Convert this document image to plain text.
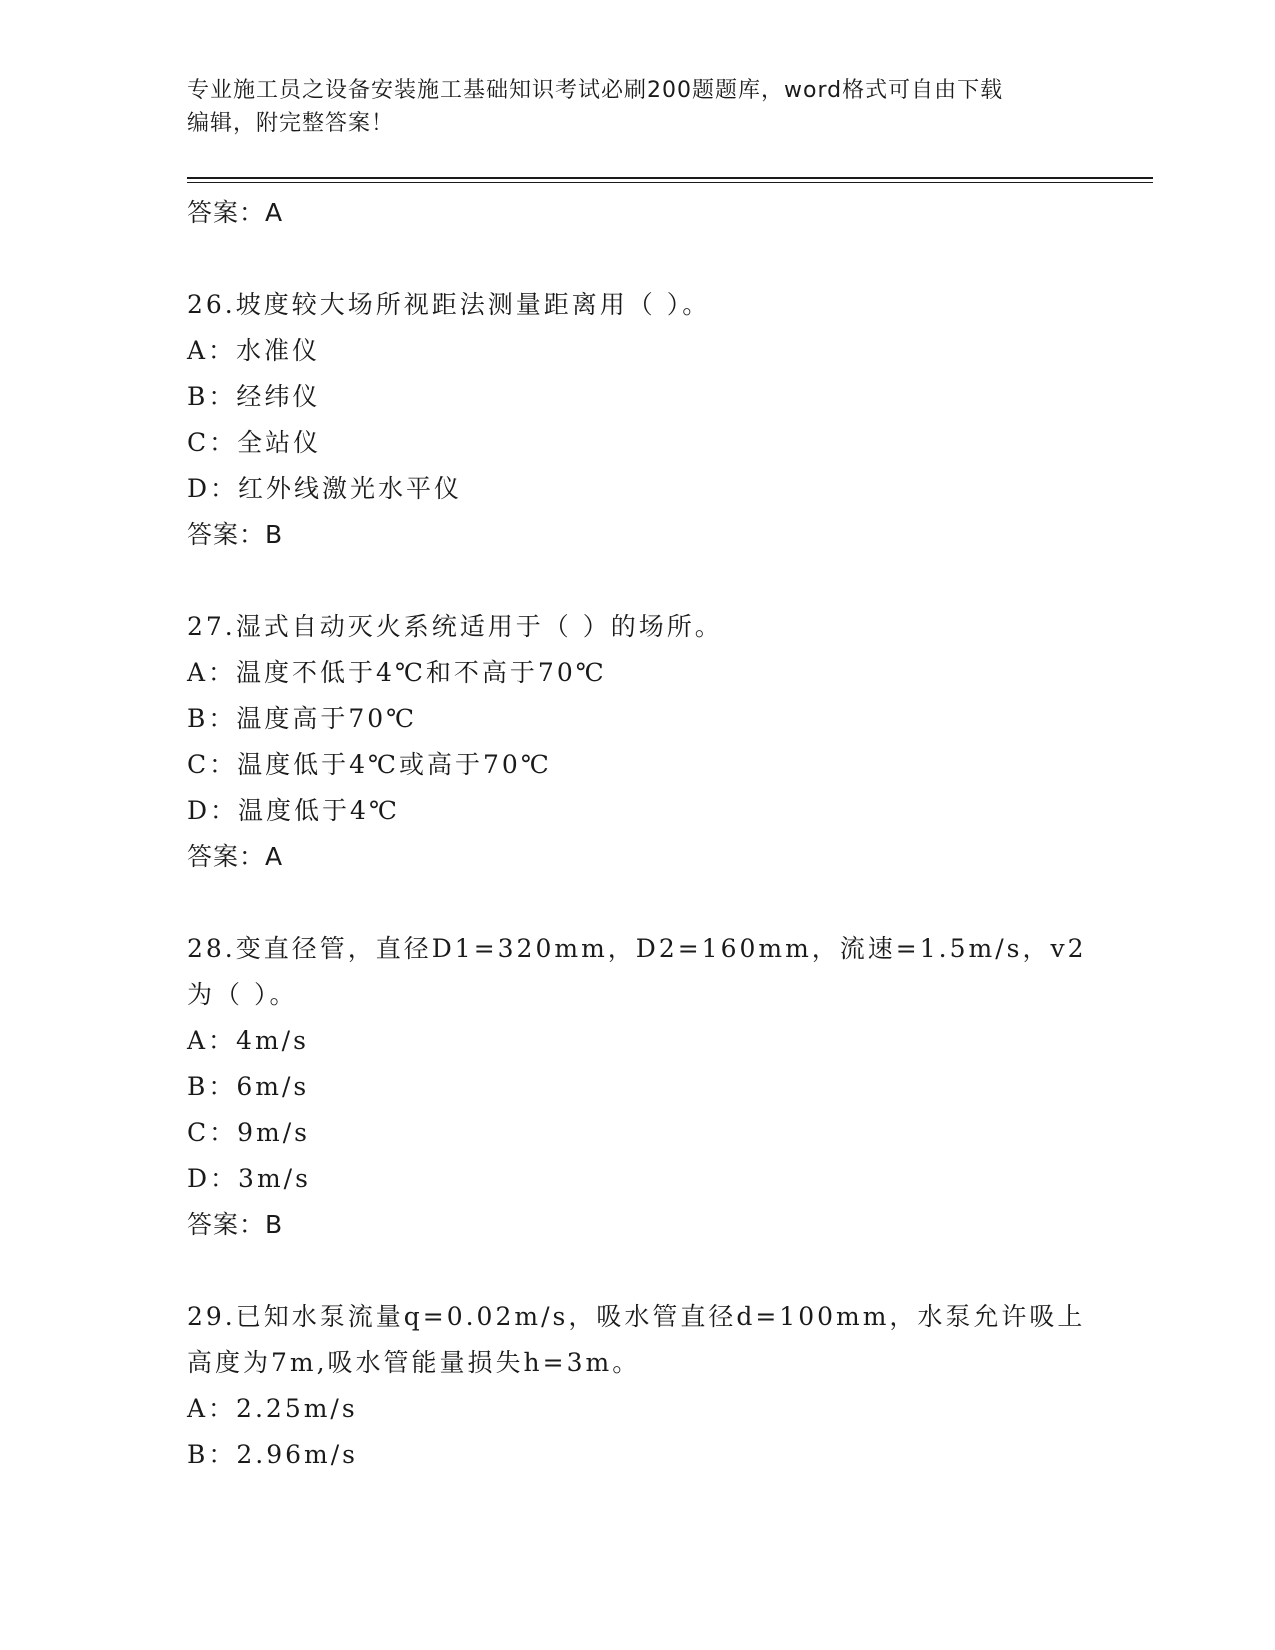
专业施工员之设备安装施工基础知识考试必刷200题题库，word格式可自由下载
编辑，附完整答案！
答案：A
26.坡度较大场所视距法测量距离用（ ）。
A：水准仪
B：经纬仪
C：全站仪
D：红外线激光水平仪
答案：B
27.湿式自动灭火系统适用于（ ）的场所。
A：温度不低于4℃和不高于70℃
B：温度高于70℃
C：温度低于4℃或高于70℃
D：温度低于4℃
答案：A
28.变直径管，直径D1=320mm，D2=160mm，流速=1.5m/s，v2为（ ）。
A：4m/s
B：6m/s
C：9m/s
D：3m/s
答案：B
29.已知水泵流量q=0.02m/s，吸水管直径d=100mm，水泵允许吸上高度为7m,吸水管能量损失h=3m。
A：2.25m/s
B：2.96m/s
